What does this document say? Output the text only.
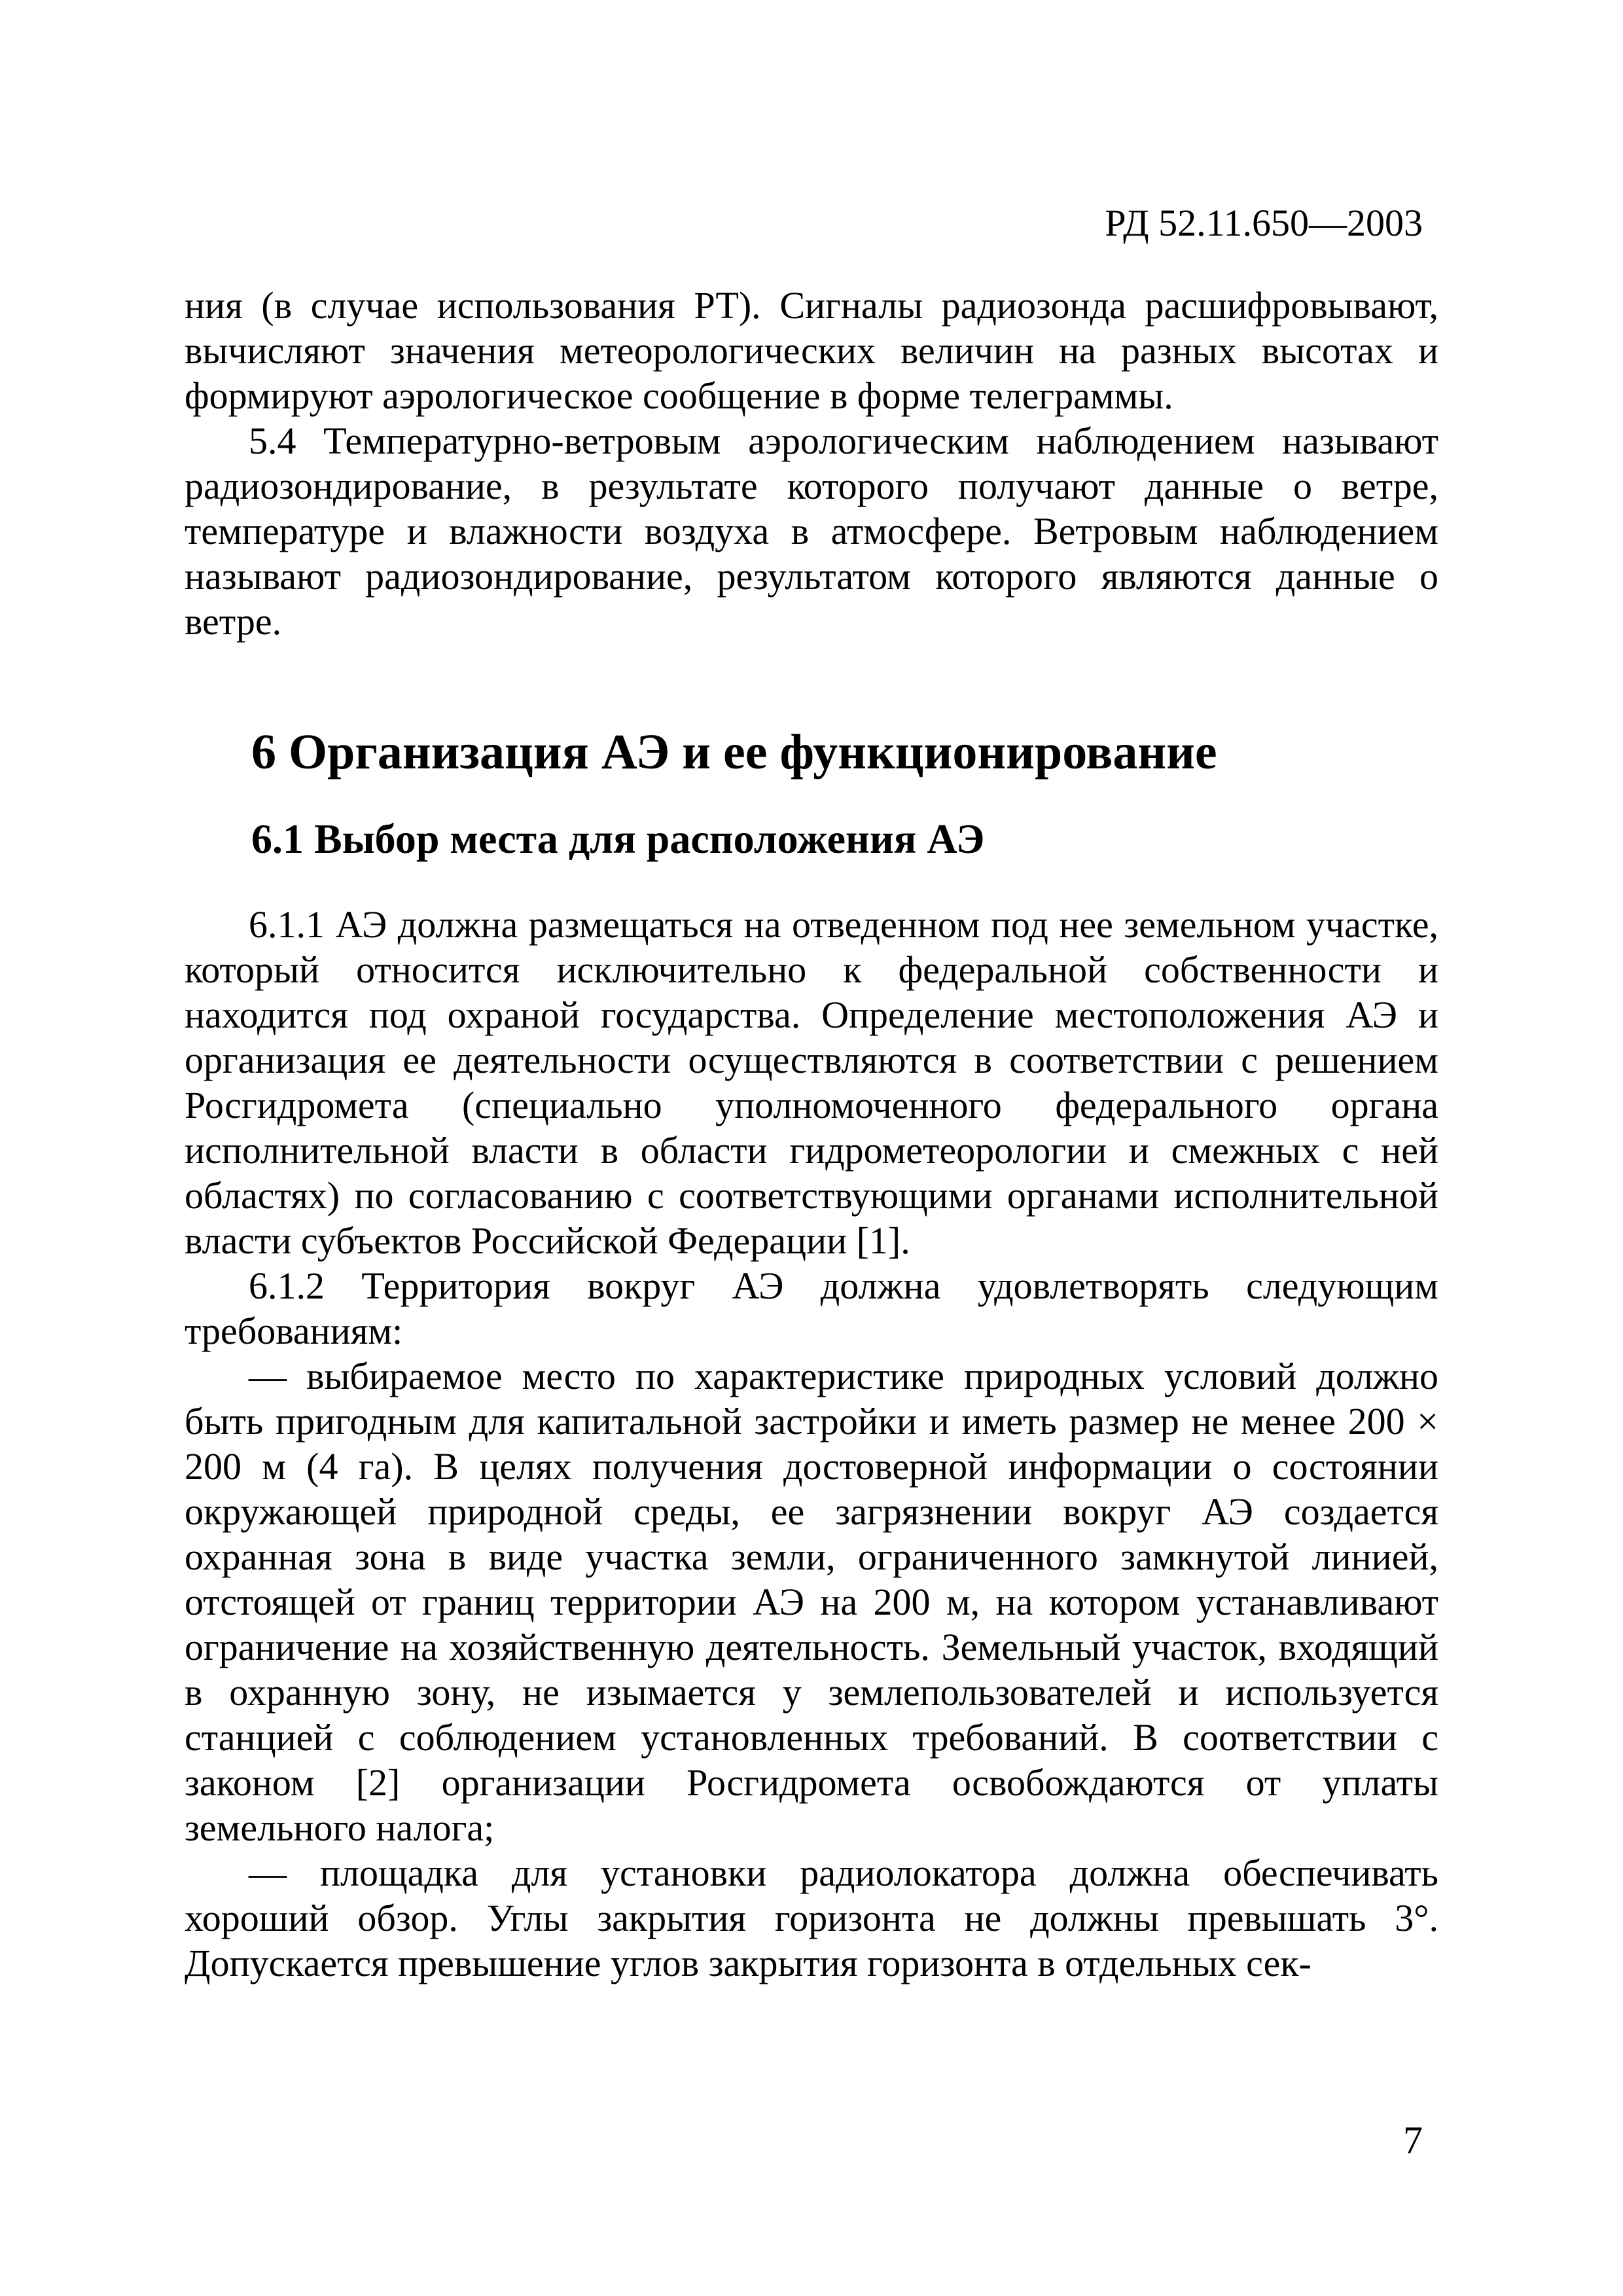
РД 52.11.650—2003

ния (в случае использования РТ). Сигналы радиозонда расшифровывают, вычисляют значения метеорологических величин на разных высотах и формируют аэрологическое сообщение в форме телеграммы.

5.4 Температурно-ветровым аэрологическим наблюдением называют радиозондирование, в результате которого получают данные о ветре, температуре и влажности воздуха в атмосфере. Ветровым наблюдением называют радиозондирование, результатом которого являются данные о ветре.

6 Организация АЭ и ее функционирование
6.1 Выбор места для расположения АЭ

6.1.1 АЭ должна размещаться на отведенном под нее земельном участке, который относится исключительно к федеральной собственности и находится под охраной государства. Определение местоположения АЭ и организация ее деятельности осуществляются в соответствии с решением Росгидромета (специально уполномоченного федерального органа исполнительной власти в области гидрометеорологии и смежных с ней областях) по согласованию с соответствующими органами исполнительной власти субъектов Российской Федерации [1].

6.1.2 Территория вокруг АЭ должна удовлетворять следующим требованиям:

— выбираемое место по характеристике природных условий должно быть пригодным для капитальной застройки и иметь размер не менее 200 × 200 м (4 га). В целях получения достоверной информации о состоянии окружающей природной среды, ее загрязнении вокруг АЭ создается охранная зона в виде участка земли, ограниченного замкнутой линией, отстоящей от границ территории АЭ на 200 м, на котором устанавливают ограничение на хозяйственную деятельность. Земельный участок, входящий в охранную зону, не изымается у землепользователей и используется станцией с соблюдением установленных требований. В соответствии с законом [2] организации Росгидромета освобождаются от уплаты земельного налога;

— площадка для установки радиолокатора должна обеспечивать хороший обзор. Углы закрытия горизонта не должны превышать 3°. Допускается превышение углов закрытия горизонта в отдельных сек-

7
